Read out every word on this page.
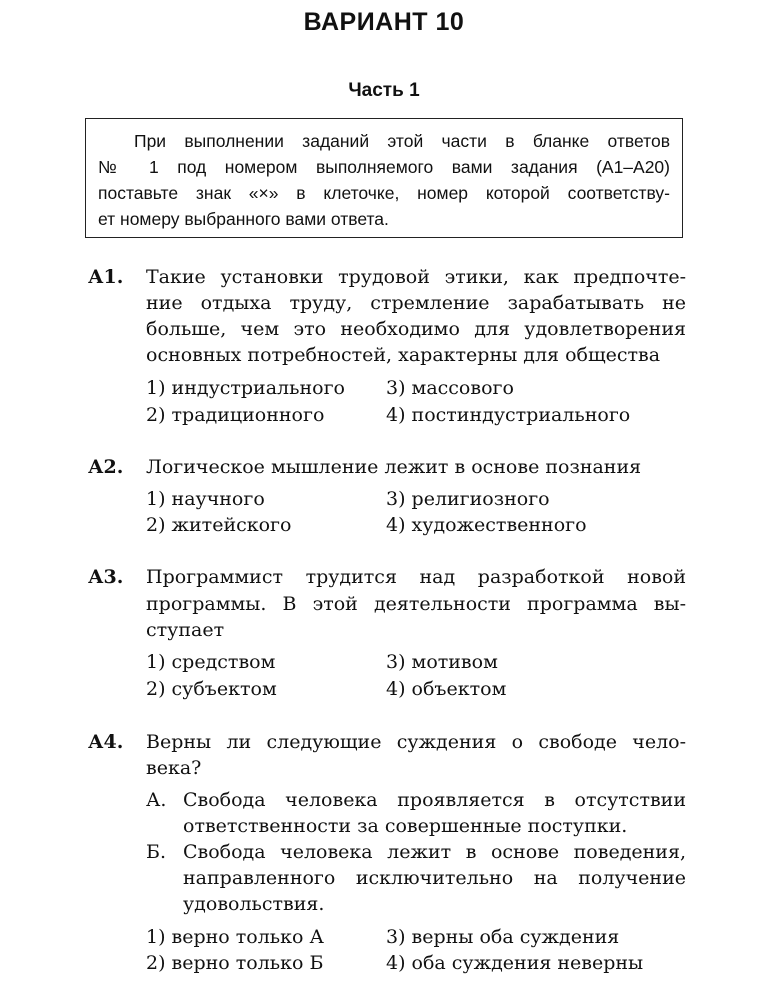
ВАРИАНТ 10
Часть 1
При выполнении заданий этой части в бланке ответов
№ 1 под номером выполняемого вами задания (А1–А20)
поставьте знак «×» в клеточке, номер которой соответству-
ет номеру выбранного вами ответа.
А1. Такие установки трудовой этики, как предпочте-
ние отдыха труду, стремление зарабатывать не
больше, чем это необходимо для удовлетворения
основных потребностей, характерны для общества
1) индустриального
2) традиционного
3) массового
4) постиндустриального
А2. Логическое мышление лежит в основе познания
1) научного
2) житейского
3) религиозного
4) художественного
А3. Программист трудится над разработкой новой
программы. В этой деятельности программа вы-
ступает
1) средством
2) субъектом
3) мотивом
4) объектом
А4. Верны ли следующие суждения о свободе чело-
века?
А. Свобода человека проявляется в отсутствии
ответственности за совершенные поступки.
Б. Свобода человека лежит в основе поведения,
направленного исключительно на получение
удовольствия.
1) верно только А
2) верно только Б
3) верны оба суждения
4) оба суждения неверны
